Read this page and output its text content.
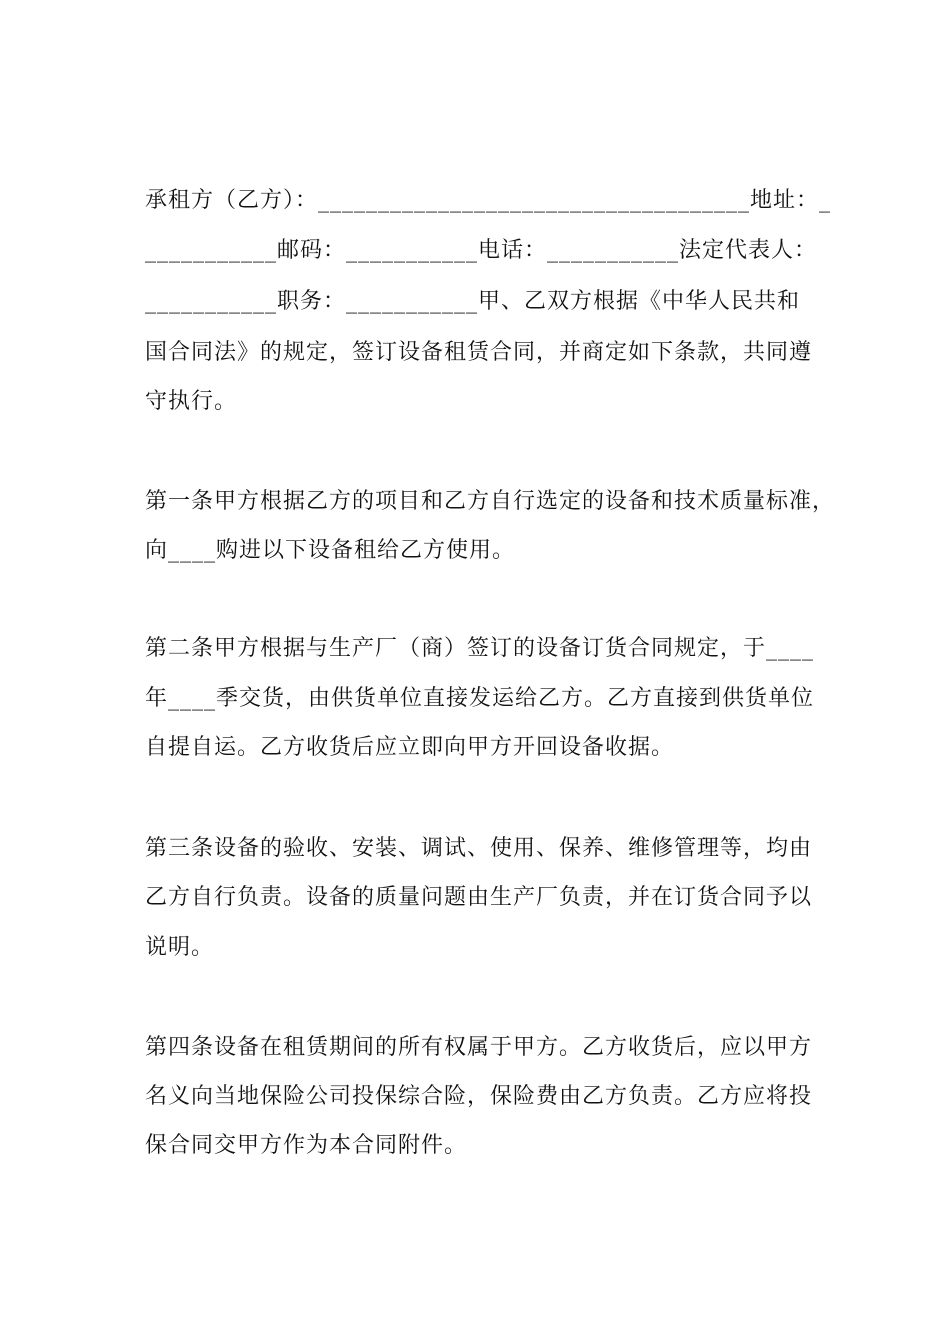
承租方（乙方）：____________________________________地址：_
___________邮码：___________电话：___________法定代表人：
___________职务：___________甲、乙双方根据《中华人民共和
国合同法》的规定，签订设备租赁合同，并商定如下条款，共同遵
守执行。
第一条甲方根据乙方的项目和乙方自行选定的设备和技术质量标准，
向____购进以下设备租给乙方使用。
第二条甲方根据与生产厂（商）签订的设备订货合同规定，于____
年____季交货，由供货单位直接发运给乙方。乙方直接到供货单位
自提自运。乙方收货后应立即向甲方开回设备收据。
第三条设备的验收、安装、调试、使用、保养、维修管理等，均由
乙方自行负责。设备的质量问题由生产厂负责，并在订货合同予以
说明。
第四条设备在租赁期间的所有权属于甲方。乙方收货后，应以甲方
名义向当地保险公司投保综合险，保险费由乙方负责。乙方应将投
保合同交甲方作为本合同附件。
